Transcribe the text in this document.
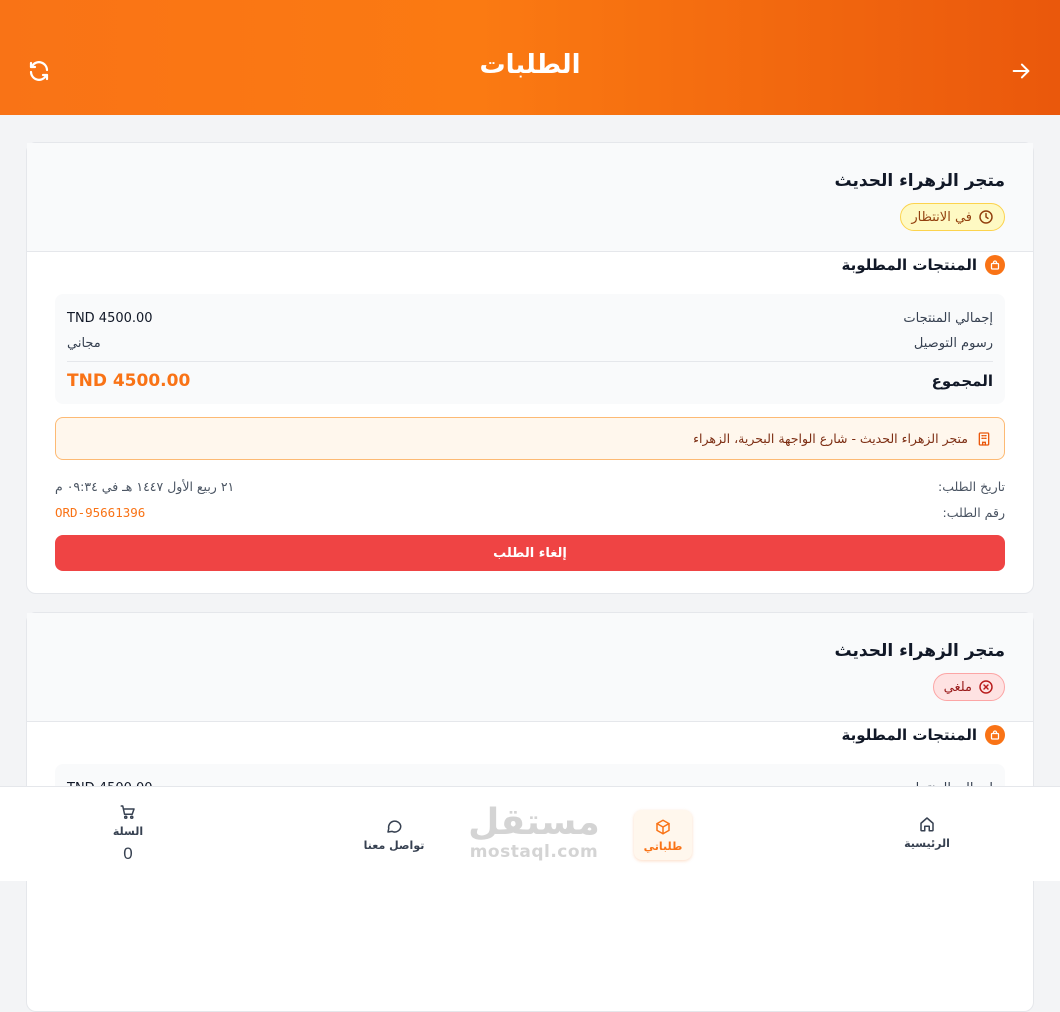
الطلبات
متجر الزهراء الحديث
في الانتظار
المنتجات المطلوبة
إجمالي المنتجات
TND 4500.00
رسوم التوصيل
مجاني
المجموع
TND 4500.00
متجر الزهراء الحديث - شارع الواجهة البحرية، الزهراء
تاريخ الطلب:
٢١ ربيع الأول ١٤٤٧ هـ في ٠٩:٣٤ م
رقم الطلب:
ORD-95661396
إلغاء الطلب
متجر الزهراء الحديث
ملغي
المنتجات المطلوبة
الرئيسية
طلباتي
مستقل
mostaql.com
تواصل معنا
السلة
0
